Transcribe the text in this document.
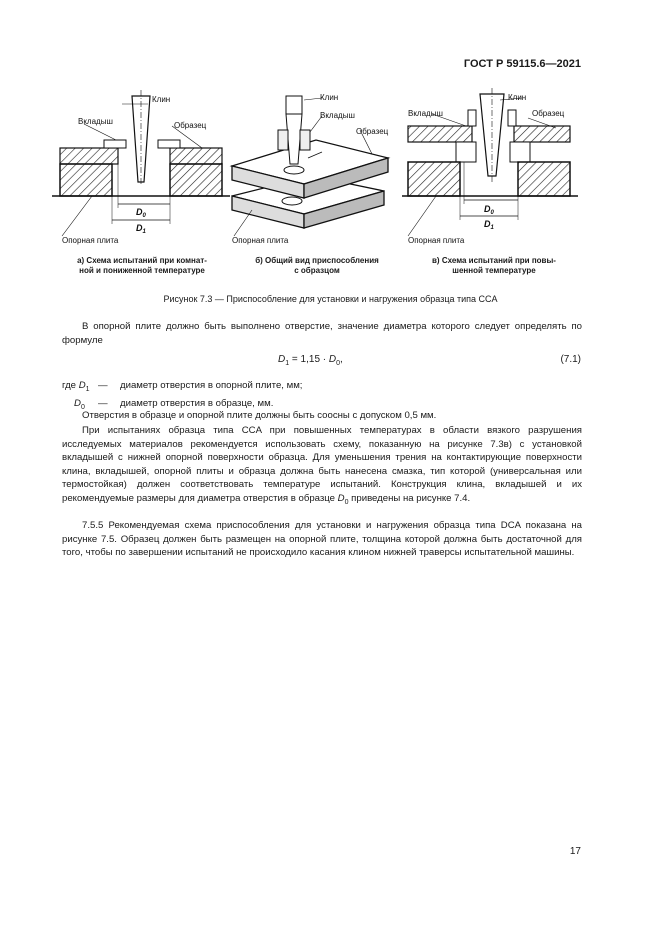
ГОСТ Р 59115.6—2021
Клин
Вкладыш	Образец
Опорная плита
$D_0$
$D_1$
Клин
Вкладыш
Образец
Опорная плита
Клин
Вкладыш	Образец
Опорная плита
$D_0$
$D_1$
а) Схема испытаний при комнат-
ной и пониженной температуре
б) Общий вид приспособления
с образцом
в) Схема испытаний при повы-
шенной температуре
Рисунок 7.3 — Приспособление для установки и нагружения образца типа CCA
В опорной плите должно быть выполнено отверстие, значение диаметра которого следует определять по формуле
$D_1 = 1,15 \cdot D_0$,	(7.1)
где $D_1$ —	диаметр отверстия в опорной плите, мм;
$D_0$	—	диаметр отверстия в образце, мм.
Отверстия в образце и опорной плите должны быть соосны с допуском 0,5 мм.
При испытаниях образца типа CCA при повышенных температурах в области вязкого разрушения исследуемых материалов рекомендуется использовать схему, показанную на рисунке 7.3в) с установкой вкладышей с нижней опорной поверхности образца. Для уменьшения трения на контактирующие поверхности клина, вкладышей, опорной плиты и образца должна быть нанесена смазка, тип которой (универсальная или термостойкая) должен соответствовать температуре испытаний. Конструкция клина, вкладышей и их рекомендуемые размеры для диаметра отверстия в образце $D_0$ приведены на рисунке 7.4.
7.5.5 Рекомендуемая схема приспособления для установки и нагружения образца типа DCA показана на рисунке 7.5. Образец должен быть размещен на опорной плите, толщина которой должна быть достаточной для того, чтобы по завершении испытаний не происходило касания клином нижней траверсы испытательной машины.
17
